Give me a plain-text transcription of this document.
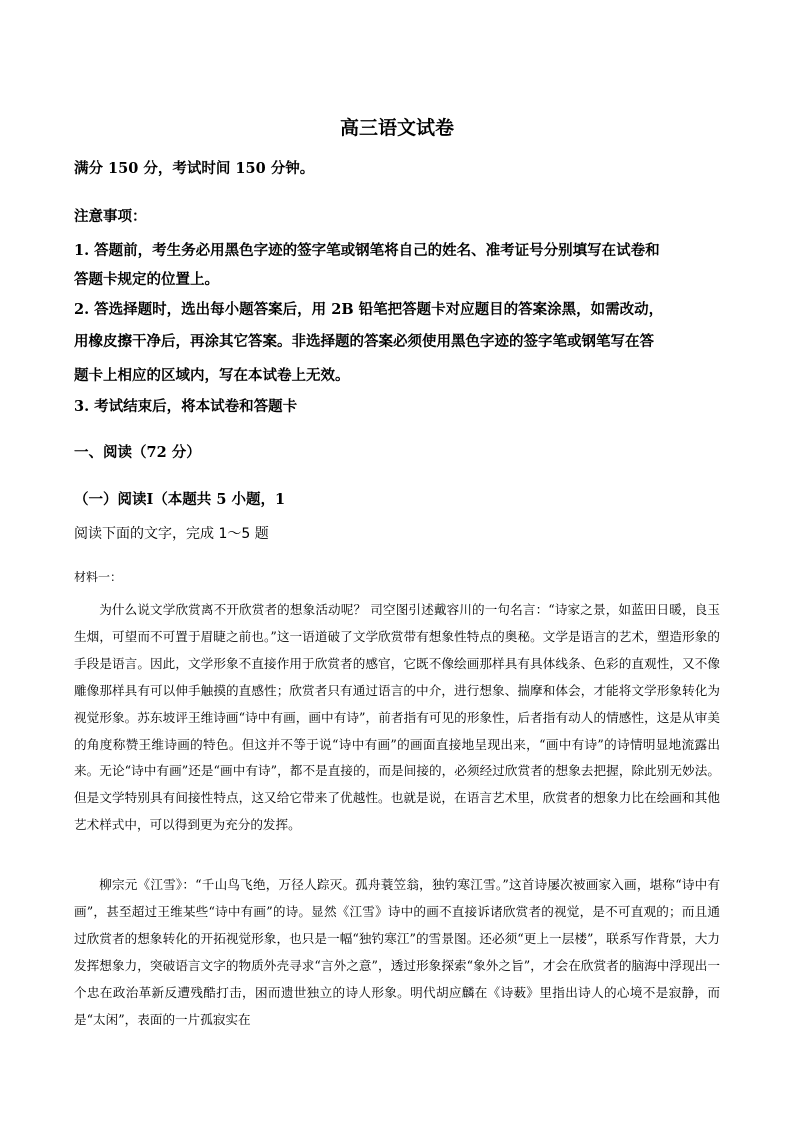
高三语文试卷

满分 150 分，考试时间 150 分钟。

注意事项：

1. 答题前，考生务必用黑色字迹的签字笔或钢笔将自己的姓名、准考证号分别填写在试卷和

答题卡规定的位置上。

2. 答选择题时，选出每小题答案后，用 2B 铅笔把答题卡对应题目的答案涂黑，如需改动，

用橡皮擦干净后，再涂其它答案。非选择题的答案必须使用黑色字迹的签字笔或钢笔写在答

题卡上相应的区域内，写在本试卷上无效。

3. 考试结束后，将本试卷和答题卡

一、阅读（72 分）

（一）阅读Ⅰ（本题共 5 小题，1

阅读下面的文字，完成 1～5 题

材料一：

为什么说文学欣赏离不开欣赏者的想象活动呢？ 司空图引述戴容川的一句名言：“诗家之景，如蓝田日暖，良玉生烟，可望而不可置于眉睫之前也。”这一语道破了文学欣赏带有想象性特点的奥秘。文学是语言的艺术，塑造形象的手段是语言。因此，文学形象不直接作用于欣赏者的感官，它既不像绘画那样具有具体线条、色彩的直观性，又不像雕像那样具有可以伸手触摸的直感性；欣赏者只有通过语言的中介，进行想象、揣摩和体会，才能将文学形象转化为视觉形象。苏东坡评王维诗画“诗中有画，画中有诗”，前者指有可见的形象性，后者指有动人的情感性，这是从审美的角度称赞王维诗画的特色。但这并不等于说“诗中有画”的画面直接地呈现出来，“画中有诗”的诗情明显地流露出来。无论“诗中有画”还是“画中有诗”，都不是直接的，而是间接的，必须经过欣赏者的想象去把握，除此别无妙法。但是文学特别具有间接性特点，这又给它带来了优越性。也就是说，在语言艺术里，欣赏者的想象力比在绘画和其他艺术样式中，可以得到更为充分的发挥。

柳宗元《江雪》：“千山鸟飞绝，万径人踪灭。孤舟蓑笠翁，独钓寒江雪。”这首诗屡次被画家入画，堪称“诗中有画”，甚至超过王维某些“诗中有画”的诗。显然《江雪》诗中的画不直接诉诸欣赏者的视觉，是不可直观的；而且通过欣赏者的想象转化的开拓视觉形象，也只是一幅“独钓寒江”的雪景图。还必须“更上一层楼”，联系写作背景，大力发挥想象力，突破语言文字的物质外壳寻求“言外之意”，透过形象探索“象外之旨”，才会在欣赏者的脑海中浮现出一个忠在政治革新反遭残酷打击，困而遗世独立的诗人形象。明代胡应麟在《诗薮》里指出诗人的心境不是寂静，而是“太闲”，表面的一片孤寂实在
